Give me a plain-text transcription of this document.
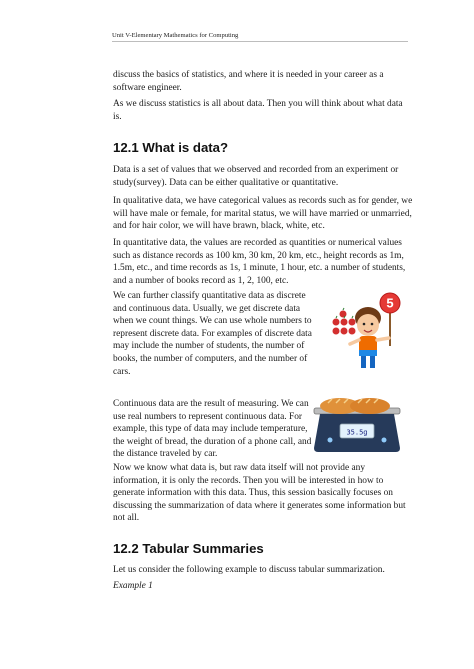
Unit V-Elementary Mathematics for Computing
discuss the basics of statistics, and where it is needed in your career as a software engineer.
As we discuss statistics is all about data. Then you will think about what data is.
12.1 What is data?
Data is a set of values that we observed and recorded from an experiment or study(survey). Data can be either qualitative or quantitative.
In qualitative data, we have categorical values as records such as for gender, we will have male or female, for marital status, we will have married or unmarried, and for hair color, we will have brawn, black, white, etc.
In quantitative data, the values are recorded as quantities or numerical values such as distance records as 100 km, 30 km, 20 km, etc., height records as 1m, 1.5m, etc., and time records as 1s, 1 minute, 1 hour, etc. a number of students, and a number of books record as 1, 2, 100, etc.
We can further classify quantitative data as discrete and continuous data. Usually, we get discrete data when we count things. We can use whole numbers to represent discrete data. For examples of discrete data may include the number of students, the number of books, the number of computers, and the number of cars.
5
Continuous data are the result of measuring. We can use real numbers to represent continuous data. For example, this type of data may include temperature, the weight of bread, the duration of a phone call, and the distance traveled by car.
35.5g
Now we know what data is, but raw data itself will not provide any information, it is only the records. Then you will be interested in how to generate information with this data. Thus, this session basically focuses on discussing the summarization of data where it generates some information but not all.
12.2 Tabular Summaries
Let us consider the following example to discuss tabular summarization.
Example 1
